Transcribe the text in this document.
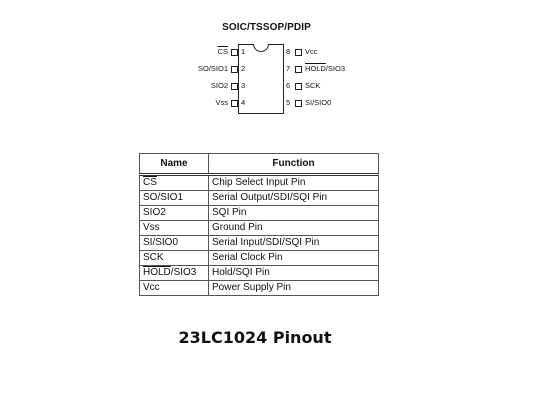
SOIC/TSSOP/PDIP
1
$\overline{CS}$
2
SO/SIO1
3
SIO2
4
Vss
8 Vcc
7 HOLD/SIO3
6 SCK
5 SI/SIO0
Name	Function
$\overline{CS}$	Chip Select Input Pin
SO/SIO1	Serial Output/SDI/SQI Pin
SIO2	SQI Pin
Vss	Ground Pin
SI/SIO0	Serial Input/SDI/SQI Pin
SCK	Serial Clock Pin
HOLD/SIO3	Hold/SQI Pin
Vcc	Power Supply Pin
23LC1024 Pinout
